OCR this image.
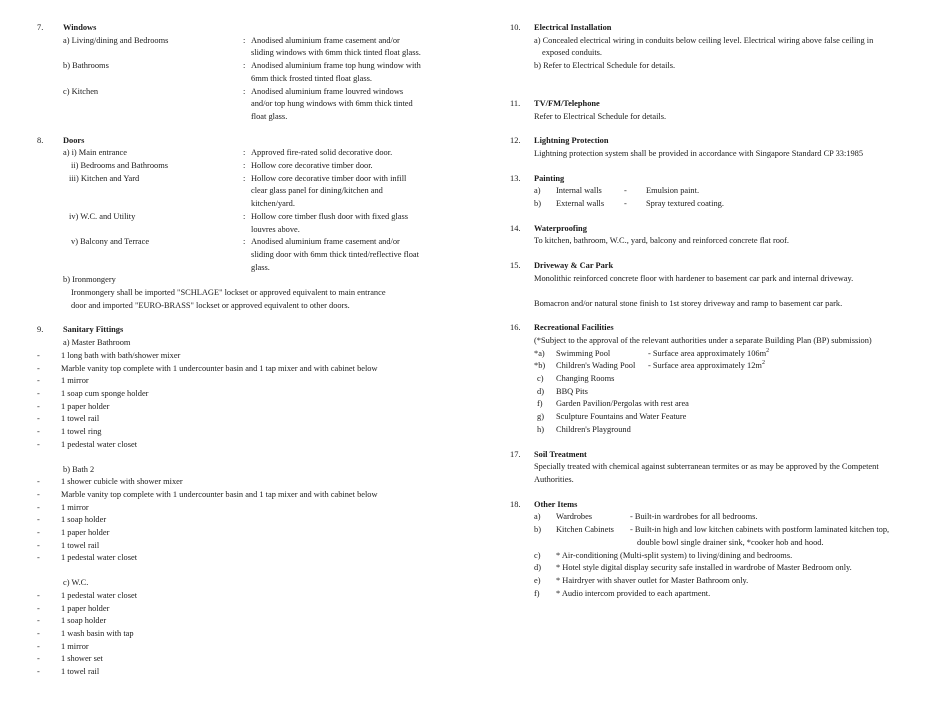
7. Windows
a) Living/dining and Bedrooms	: Anodised aluminium frame casement and/or sliding windows with 6mm thick tinted float glass.
b) Bathrooms	: Anodised aluminium frame top hung window with 6mm thick frosted tinted float glass.
c) Kitchen	: Anodised aluminium frame louvred windows and/or top hung windows with 6mm thick tinted float glass.
8. Doors
a) i) Main entrance	: Approved fire-rated solid decorative door.
ii) Bedrooms and Bathrooms	: Hollow core decorative timber door.
iii) Kitchen and Yard	: Hollow core decorative timber door with infill clear glass panel for dining/kitchen and kitchen/yard.
iv) W.C. and Utility	: Hollow core timber flush door with fixed glass louvres above.
v) Balcony and Terrace	: Anodised aluminium frame casement and/or sliding door with 6mm thick tinted/reflective float glass.
b) Ironmongery
Ironmongery shall be imported "SCHLAGE" lockset or approved equivalent to main entrance door and imported "EURO-BRASS" lockset or approved equivalent to other doors.
9. Sanitary Fittings
a) Master Bathroom
-	1 long bath with bath/shower mixer
-	Marble vanity top complete with 1 undercounter basin and 1 tap mixer and with cabinet below
-	1 mirror
-	1 soap cum sponge holder
-	1 paper holder
-	1 towel rail
-	1 towel ring
-	1 pedestal water closet
b) Bath 2
-	1 shower cubicle with shower mixer
-	Marble vanity top complete with 1 undercounter basin and 1 tap mixer and with cabinet below
-	1 mirror
-	1 soap holder
-	1 paper holder
-	1 towel rail
-	1 pedestal water closet
c) W.C.
-	1 pedestal water closet
-	1 paper holder
-	1 soap holder
-	1 wash basin with tap
-	1 mirror
-	1 shower set
-	1 towel rail
10. Electrical Installation
a) Concealed electrical wiring in conduits below ceiling level. Electrical wiring above false ceiling in exposed conduits.
b) Refer to Electrical Schedule for details.
11. TV/FM/Telephone
Refer to Electrical Schedule for details.
12. Lightning Protection
Lightning protection system shall be provided in accordance with Singapore Standard CP 33:1985
13. Painting
a)	Internal walls	-	Emulsion paint.
b)	External walls	-	Spray textured coating.
14. Waterproofing
To kitchen, bathroom, W.C., yard, balcony and reinforced concrete flat roof.
15. Driveway & Car Park
Monolithic reinforced concrete floor with hardener to basement car park and internal driveway.
Bomacron and/or natural stone finish to 1st storey driveway and ramp to basement car park.
16. Recreational Facilities
(*Subject to the approval of the relevant authorities under a separate Building Plan (BP) submission)
*a)	Swimming Pool	- Surface area approximately $106m^2$
*b)	Children's Wading Pool	- Surface area approximately $12m^2$
c)	Changing Rooms
d)	BBQ Pits
f)	Garden Pavilion/Pergolas with rest area
g)	Sculpture Fountains and Water Feature
h)	Children's Playground
17. Soil Treatment
Specially treated with chemical against subterranean termites or as may be approved by the Competent Authorities.
18. Other Items
a)	Wardrobes	- Built-in wardrobes for all bedrooms.
b)	Kitchen Cabinets	- Built-in high and low kitchen cabinets with postform laminated kitchen top, double bowl single drainer sink, *cooker hob and hood.
c)	* Air-conditioning (Multi-split system) to living/dining and bedrooms.
d)	* Hotel style digital display security safe installed in wardrobe of Master Bedroom only.
e)	* Hairdryer with shaver outlet for Master Bathroom only.
f)	* Audio intercom provided to each apartment.
